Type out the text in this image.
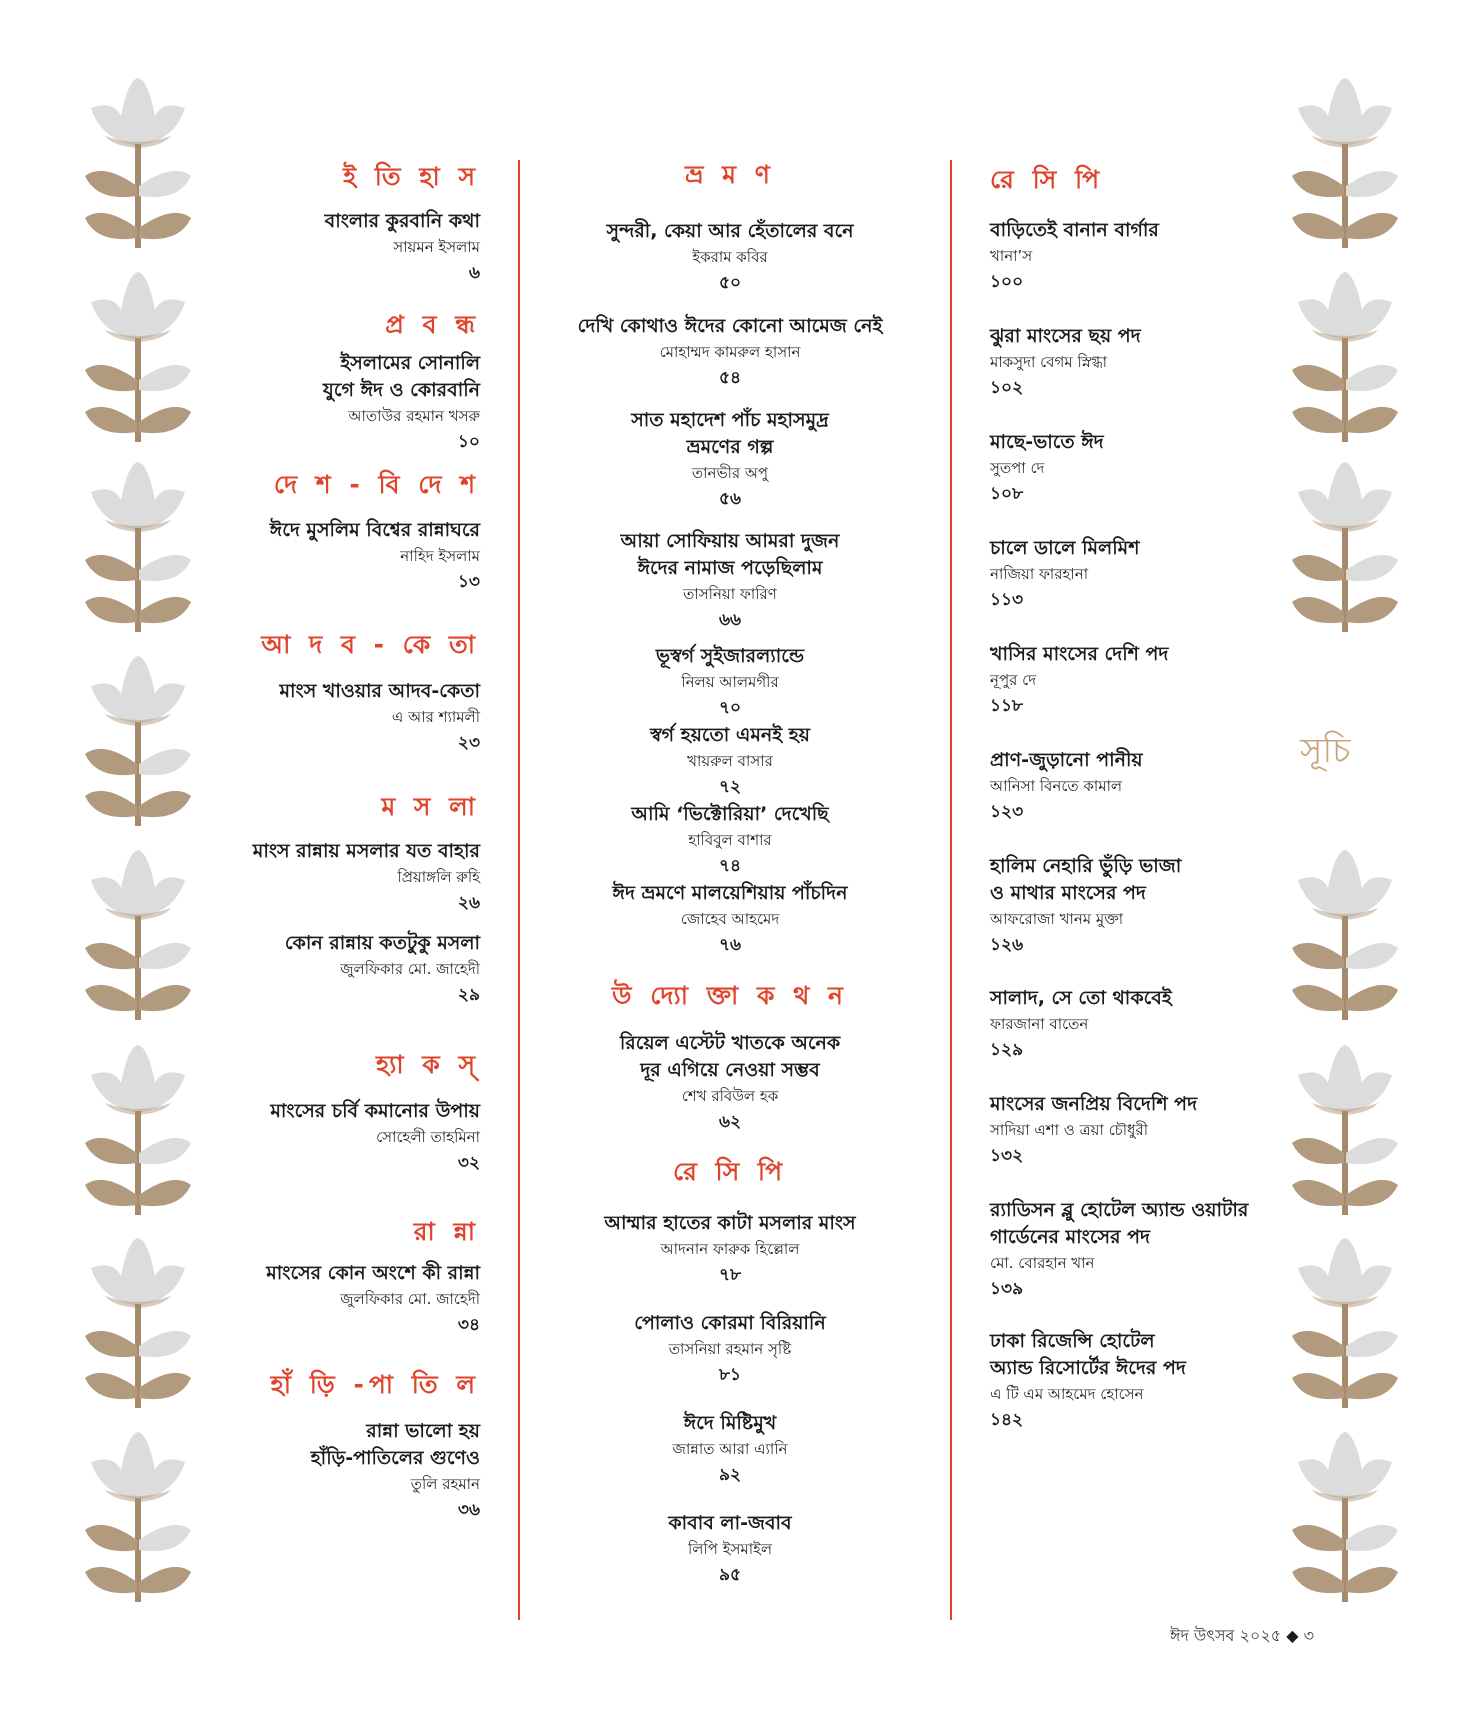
ই তি হা স
বাংলার কুরবানি কথা
সায়মন ইসলাম
৬
প্র ব ন্ধ
ইসলামের সোনালি
যুগে ঈদ ও কোরবানি
আতাউর রহমান খসরু
১০
দে শ - বি দে শ
ঈদে মুসলিম বিশ্বের রান্নাঘরে
নাহিদ ইসলাম
১৩
আ দ ব - কে তা
মাংস খাওয়ার আদব-কেতা
এ আর শ্যামলী
২৩
ম স লা
মাংস রান্নায় মসলার যত বাহার
প্রিয়াঙ্গলি রুহি
২৬
কোন রান্নায় কতটুকু মসলা
জুলফিকার মো. জাহেদী
২৯
হ্যা ক স্
মাংসের চর্বি কমানোর উপায়
সোহেলী তাহমিনা
৩২
রা ন্না
মাংসের কোন অংশে কী রান্না
জুলফিকার মো. জাহেদী
৩৪
হাঁ ড়ি -পা তি ল
রান্না ভালো হয়
হাঁড়ি-পাতিলের গুণেও
তুলি রহমান
৩৬
ভ্র ম ণ
সুন্দরী, কেয়া আর হেঁতালের বনে
ইকরাম কবির
৫০
দেখি কোথাও ঈদের কোনো আমেজ নেই
মোহাম্মদ কামরুল হাসান
৫৪
সাত মহাদেশ পাঁচ মহাসমুদ্র
ভ্রমণের গল্প
তানভীর অপু
৫৬
আয়া সোফিয়ায় আমরা দুজন
ঈদের নামাজ পড়েছিলাম
তাসনিয়া ফারিণ
৬৬
ভূস্বর্গ সুইজারল্যান্ডে
নিলয় আলমগীর
৭০
স্বর্গ হয়তো এমনই হয়
খায়রুল বাসার
৭২
আমি ‘ভিক্টোরিয়া’ দেখেছি
হাবিবুল বাশার
৭৪
ঈদ ভ্রমণে মালয়েশিয়ায় পাঁচদিন
জোহেব আহমেদ
৭৬
উ দ্যো ক্তা ক থ ন
রিয়েল এস্টেট খাতকে অনেক
দূর এগিয়ে নেওয়া সম্ভব
শেখ রবিউল হক
৬২
রে সি পি
আম্মার হাতের কাটা মসলার মাংস
আদনান ফারুক হিল্লোল
৭৮
পোলাও কোরমা বিরিয়ানি
তাসনিয়া রহমান সৃষ্টি
৮১
ঈদে মিষ্টিমুখ
জান্নাত আরা এ্যানি
৯২
কাবাব লা-জবাব
লিপি ইসমাইল
৯৫
রে সি পি
বাড়িতেই বানান বার্গার
খানা’স
১০০
ঝুরা মাংসের ছয় পদ
মাকসুদা বেগম স্নিগ্ধা
১০২
মাছে-ভাতে ঈদ
সুতপা দে
১০৮
চালে ডালে মিলমিশ
নাজিয়া ফারহানা
১১৩
খাসির মাংসের দেশি পদ
নূপুর দে
১১৮
প্রাণ-জুড়ানো পানীয়
আনিসা বিনতে কামাল
১২৩
হালিম নেহারি ভুঁড়ি ভাজা
ও মাথার মাংসের পদ
আফরোজা খানম মুক্তা
১২৬
সালাদ, সে তো থাকবেই
ফারজানা বাতেন
১২৯
মাংসের জনপ্রিয় বিদেশি পদ
সাদিয়া এশা ও ত্রয়া চৌধুরী
১৩২
র‍্যাডিসন ব্লু হোটেল অ্যান্ড ওয়াটার
গার্ডেনের মাংসের পদ
মো. বোরহান খান
১৩৯
ঢাকা রিজেন্সি হোটেল
অ্যান্ড রিসোর্টের ঈদের পদ
এ টি এম আহমেদ হোসেন
১৪২
সূচি
ঈদ উৎসব ২০২৫ ◆ ৩
